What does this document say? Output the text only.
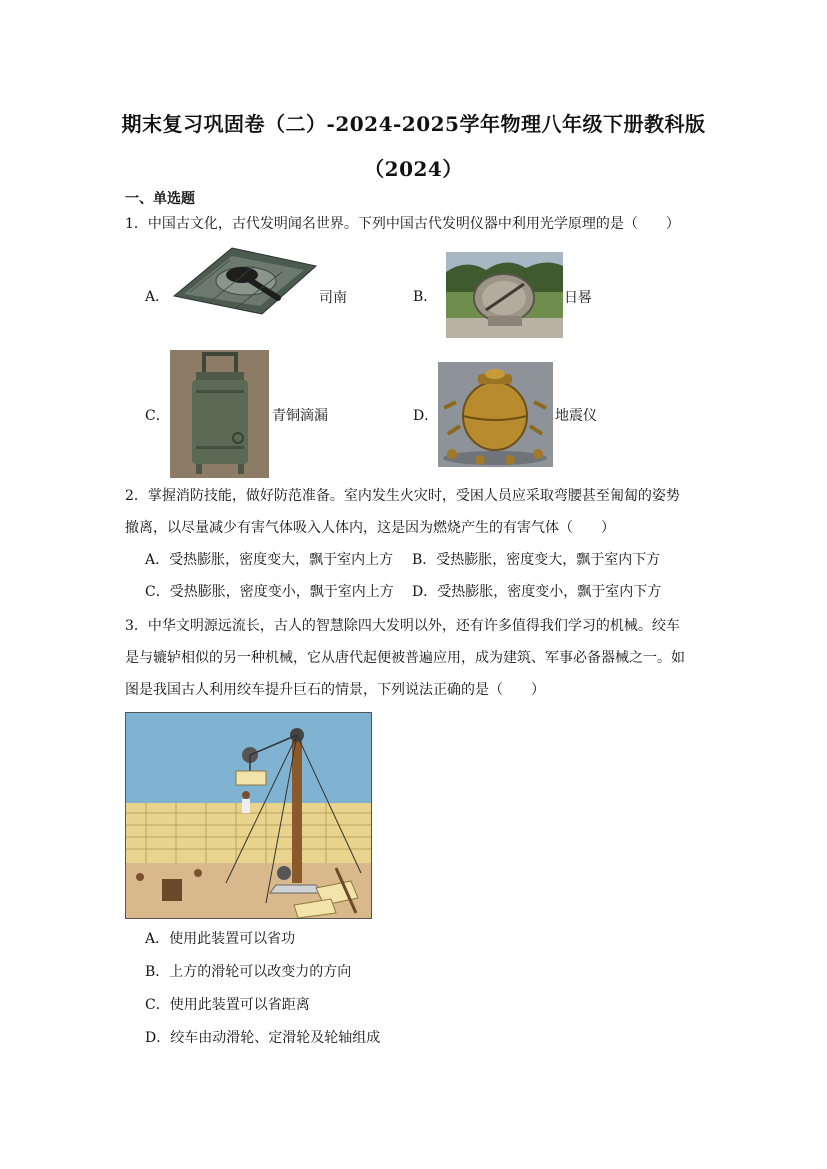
期末复习巩固卷（二）-2024-2025学年物理八年级下册教科版
（2024）
一、单选题
1．中国古文化，古代发明闻名世界。下列中国古代发明仪器中利用光学原理的是（　　）
A．	司南	B．	日晷
C．	青铜滴漏	D．	地震仪
2．掌握消防技能，做好防范准备。室内发生火灾时，受困人员应采取弯腰甚至匍匐的姿势
撤离，以尽量减少有害气体吸入人体内，这是因为燃烧产生的有害气体（　　）
A．受热膨胀，密度变大，飘于室内上方 B．受热膨胀，密度变大，飘于室内下方
C．受热膨胀，密度变小，飘于室内上方 D．受热膨胀，密度变小，飘于室内下方
3．中华文明源远流长，古人的智慧除四大发明以外，还有许多值得我们学习的机械。绞车
是与辘轳相似的另一种机械，它从唐代起便被普遍应用，成为建筑、军事必备器械之一。如
图是我国古人利用绞车提升巨石的情景，下列说法正确的是（　　）
A．使用此装置可以省功
B．上方的滑轮可以改变力的方向
C．使用此装置可以省距离
D．绞车由动滑轮、定滑轮及轮轴组成
